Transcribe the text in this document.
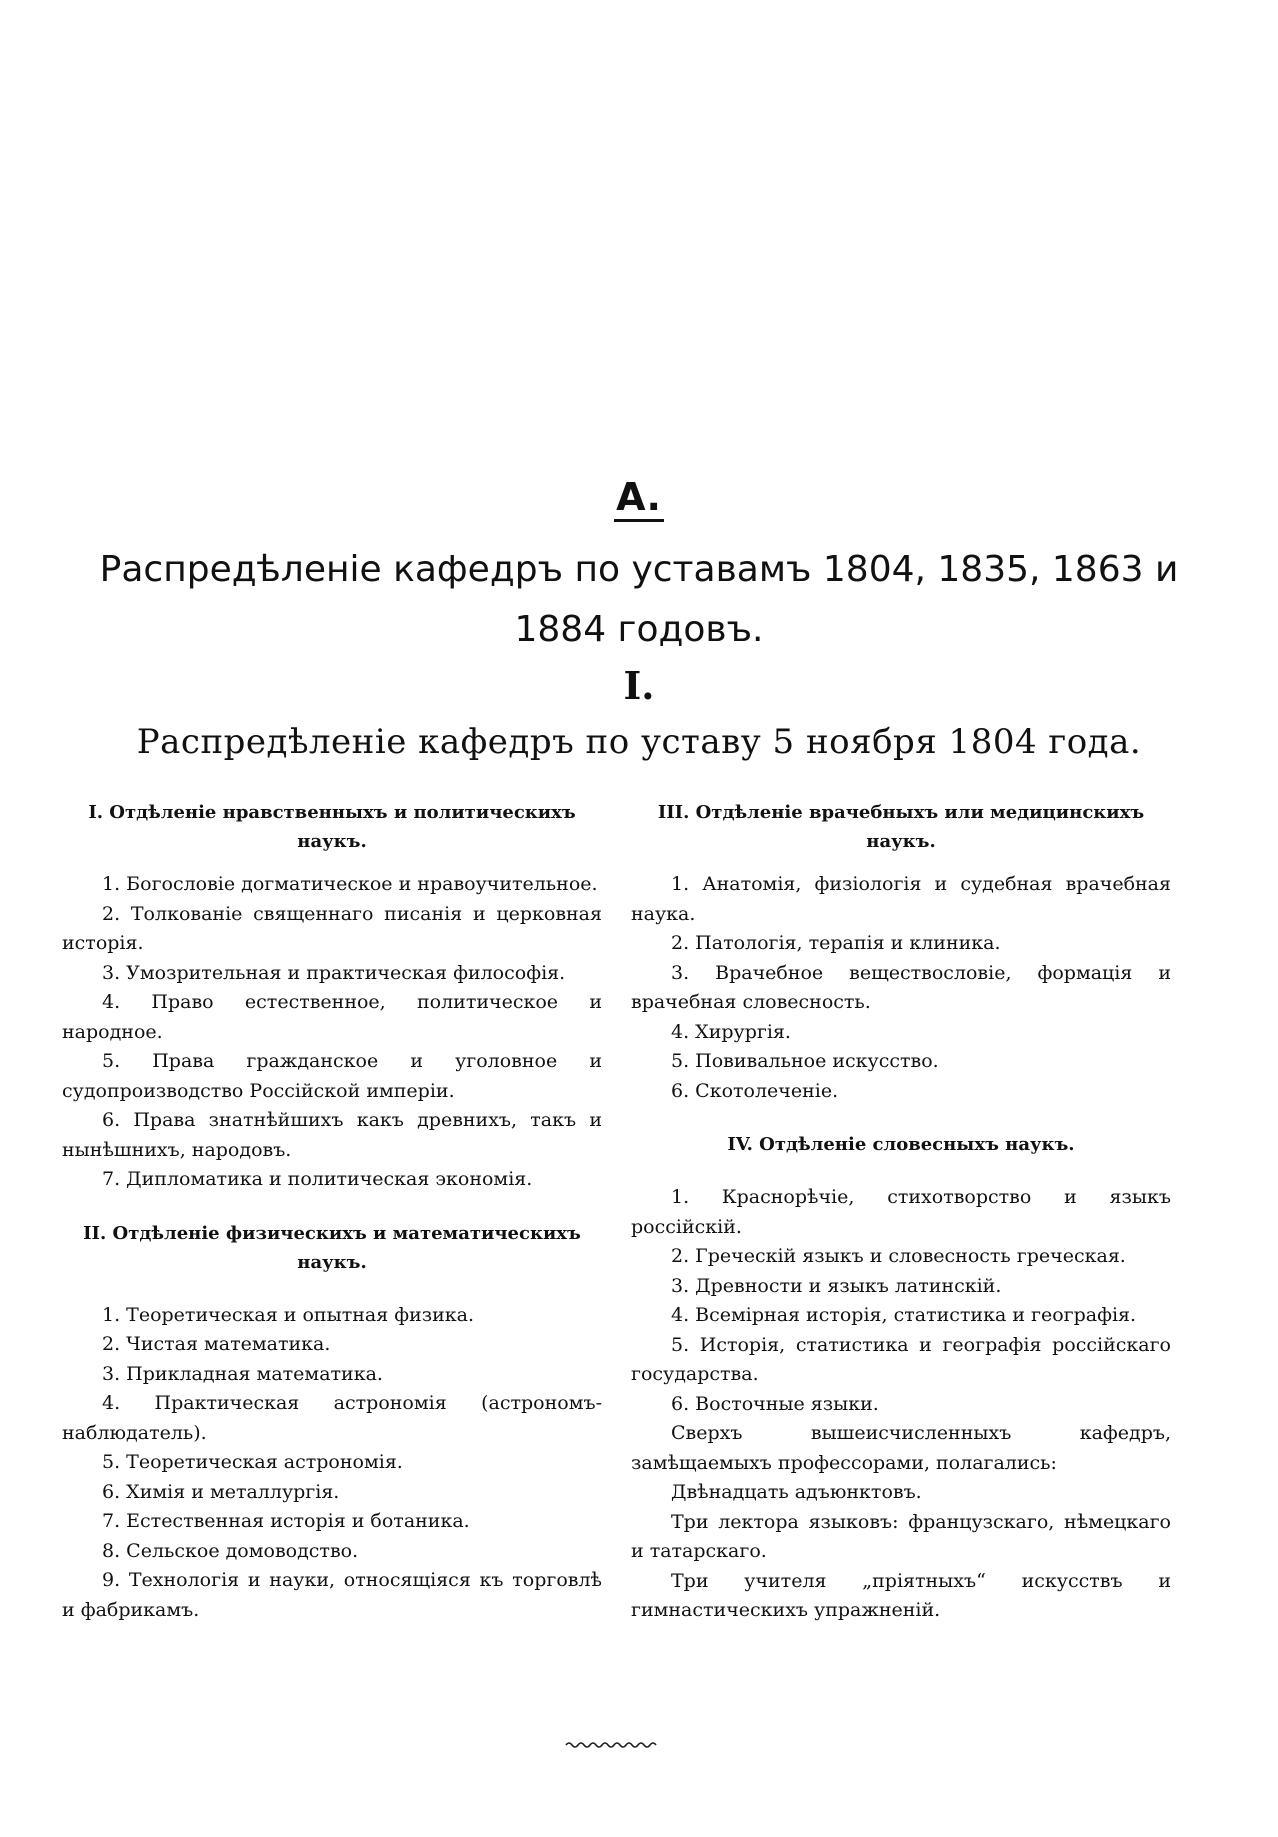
А.
Распредѣленіе кафедръ по уставамъ 1804, 1835, 1863 и 1884 годовъ.
I.
Распредѣленіе кафедръ по уставу 5 ноября 1804 года.
I. Отдѣленіе нравственныхъ и политическихъ наукъ.
1. Богословіе догматическое и нравоучительное.
2. Толкованіе священнаго писанія и церковная исторія.
3. Умозрительная и практическая философія.
4. Право естественное, политическое и народное.
5. Права гражданское и уголовное и судопроизводство Россійской имперіи.
6. Права знатнѣйшихъ какъ древнихъ, такъ и нынѣшнихъ, народовъ.
7. Дипломатика и политическая экономія.
II. Отдѣленіе физическихъ и математическихъ наукъ.
1. Теоретическая и опытная физика.
2. Чистая математика.
3. Прикладная математика.
4. Практическая астрономія (астрономъ-наблюдатель).
5. Теоретическая астрономія.
6. Химія и металлургія.
7. Естественная исторія и ботаника.
8. Сельское домоводство.
9. Технологія и науки, относящіяся къ торговлѣ и фабрикамъ.
III. Отдѣленіе врачебныхъ или медицинскихъ наукъ.
1. Анатомія, физіологія и судебная врачебная наука.
2. Патологія, терапія и клиника.
3. Врачебное веществословіе, формація и врачебная словесность.
4. Хирургія.
5. Повивальное искусство.
6. Скотолеченіе.
IV. Отдѣленіе словесныхъ наукъ.
1. Краснорѣчіе, стихотворство и языкъ россійскій.
2. Греческій языкъ и словесность греческая.
3. Древности и языкъ латинскій.
4. Всемірная исторія, статистика и географія.
5. Исторія, статистика и географія россійскаго государства.
6. Восточные языки.
Сверхъ вышеисчисленныхъ кафедръ, замѣщаемыхъ профессорами, полагались:
Двѣнадцать адъюнктовъ.
Три лектора языковъ: французскаго, нѣмецкаго и татарскаго.
Три учителя „пріятныхъ“ искусствъ и гимнастическихъ упражненій.
